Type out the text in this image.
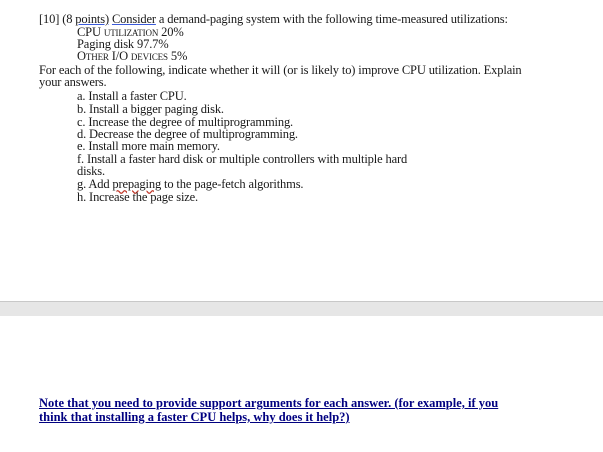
[10] (8 points) Consider a demand-paging system with the following time-measured utilizations:
CPU utilization 20%
Paging disk 97.7%
Other I/O devices 5%
For each of the following, indicate whether it will (or is likely to) improve CPU utilization. Explain
your answers.
a. Install a faster CPU.
b. Install a bigger paging disk.
c. Increase the degree of multiprogramming.
d. Decrease the degree of multiprogramming.
e. Install more main memory.
f. Install a faster hard disk or multiple controllers with multiple hard
disks.
g. Add prepaging to the page-fetch algorithms.
h. Increase the page size.
Note that you need to provide support arguments for each answer. (for example, if you
think that installing a faster CPU helps, why does it help?)
